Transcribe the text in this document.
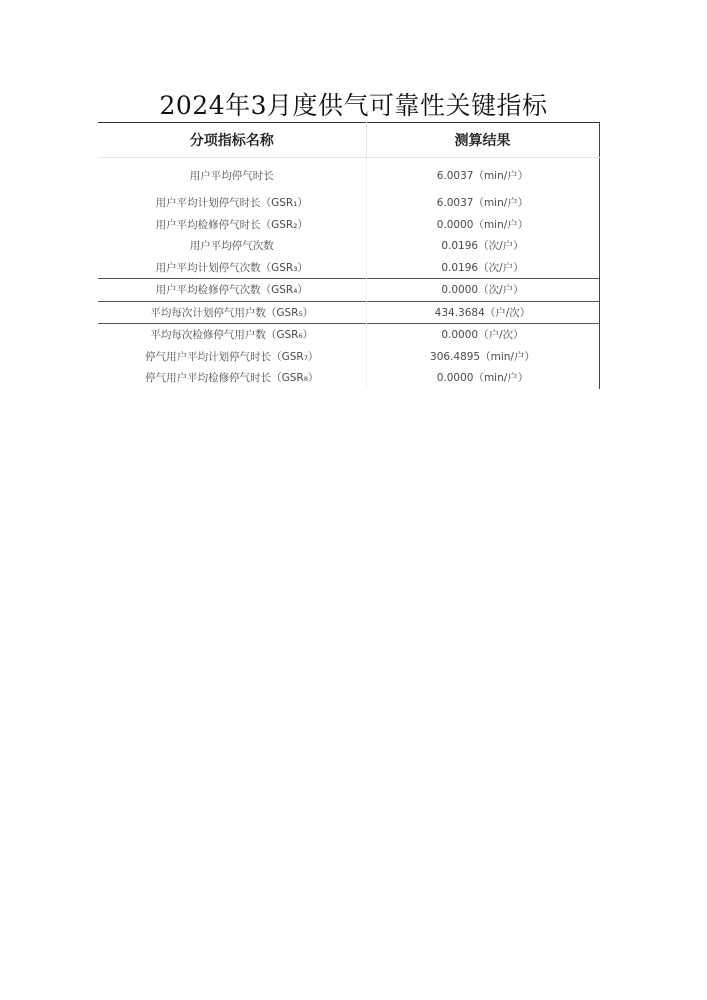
2024年3月度供气可靠性关键指标
分项指标名称	测算结果
用户平均停气时长	6.0037（min/户）
用户平均计划停气时长（GSR₁）	6.0037（min/户）
用户平均检修停气时长（GSR₂）	0.0000（min/户）
用户平均停气次数	0.0196（次/户）
用户平均计划停气次数（GSR₃）	0.0196（次/户）
用户平均检修停气次数（GSR₄）	0.0000（次/户）
平均每次计划停气用户数（GSR₅）	434.3684（户/次）
平均每次检修停气用户数（GSR₆）	0.0000（户/次）
停气用户平均计划停气时长（GSR₇）	306.4895（min/户）
停气用户平均检修停气时长（GSR₈）	0.0000（min/户）
